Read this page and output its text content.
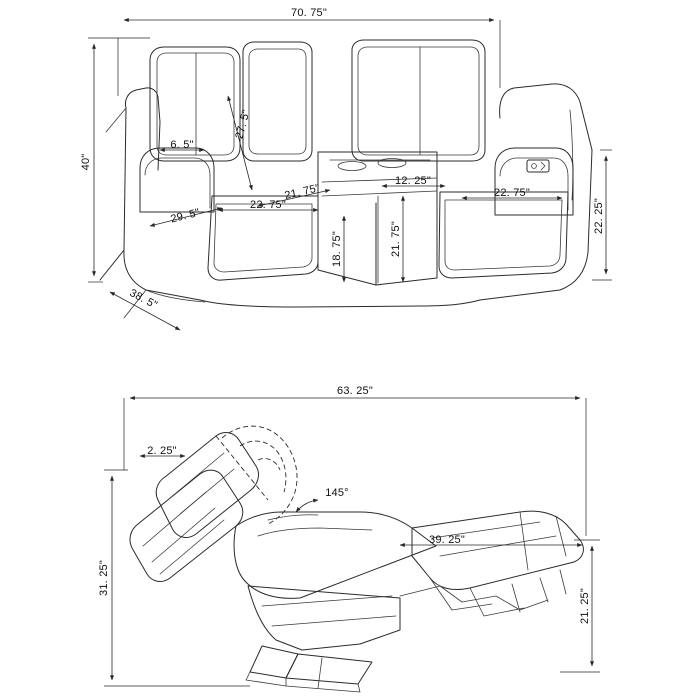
70. 75"
40"
38. 5"
27. 5"
6. 5"
22. 75"
21. 75"
29. 5"
12. 25"
18. 75"	21. 75"
22. 75"
22. 25"
63. 25"
2. 25"
145°
39. 25"
31. 25"
21. 25"
